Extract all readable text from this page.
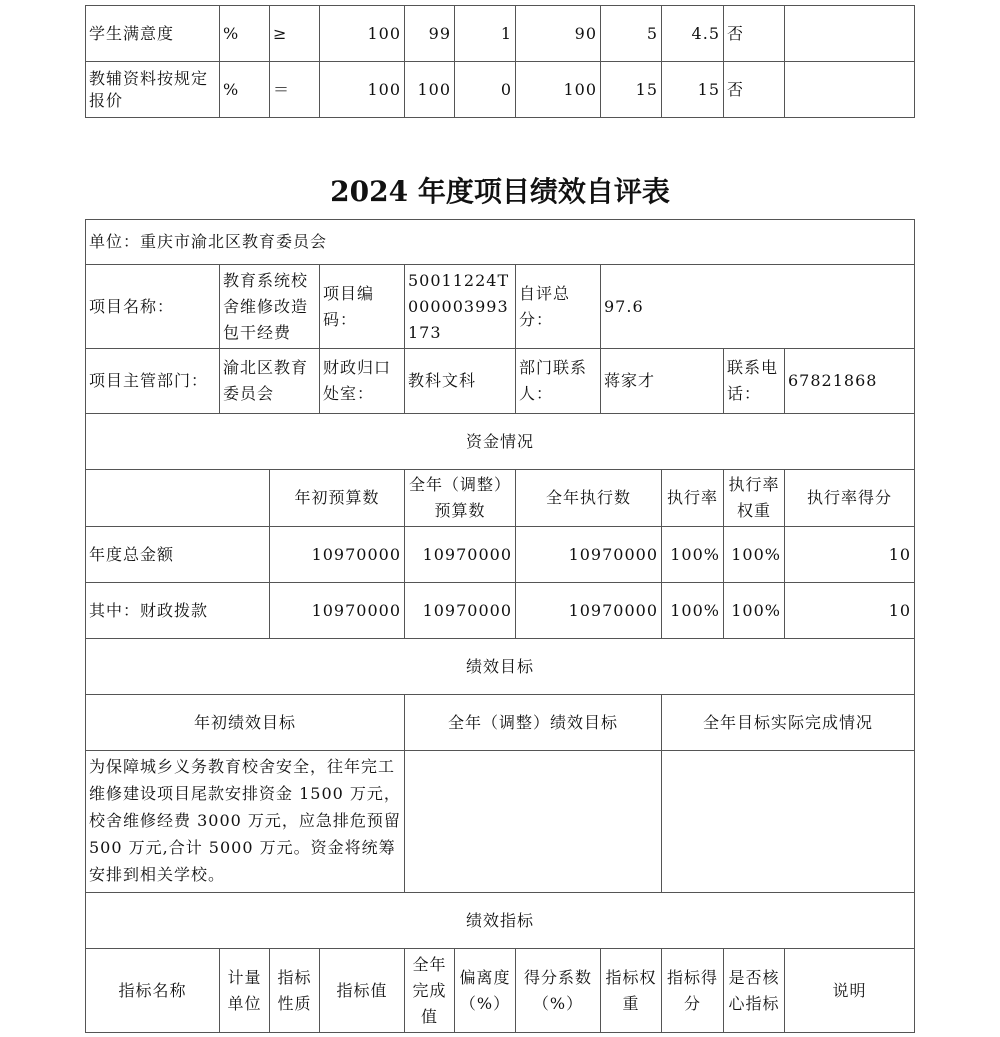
学生满意度	%	≥	100	99	1	90	5	4.5	否	
教辅资料按规定报价	%	＝	100	100	0	100	15	15	否	
2024 年度项目绩效自评表
单位：重庆市渝北区教育委员会										
项目名称：	教育系统校舍维修改造包干经费		项目编码：	50011224T000003993173		自评总分：	97.6			
项目主管部门：	渝北区教育委员会		财政归口处室：	教科文科		部门联系人：	蒋家才		联系电话：	67821868
资金情况										
		年初预算数		全年（调整）预算数		全年执行数		执行率	执行率权重	执行率得分
年度总金额		10970000		10970000		10970000		100%	100%	10
其中：财政拨款		10970000		10970000		10970000		100%	100%	10
绩效目标										
年初绩效目标				全年（调整）绩效目标				全年目标实际完成情况		
为保障城乡义务教育校舍安全，往年完工维修建设项目尾款安排资金 1500 万元，校舍维修经费 3000 万元，应急排危预留 500 万元,合计 5000 万元。资金将统筹安排到相关学校。										
绩效指标										
指标名称	计量单位	指标性质	指标值	全年完成值	偏离度（%）	得分系数（%）	指标权重	指标得分	是否核心指标	说明
